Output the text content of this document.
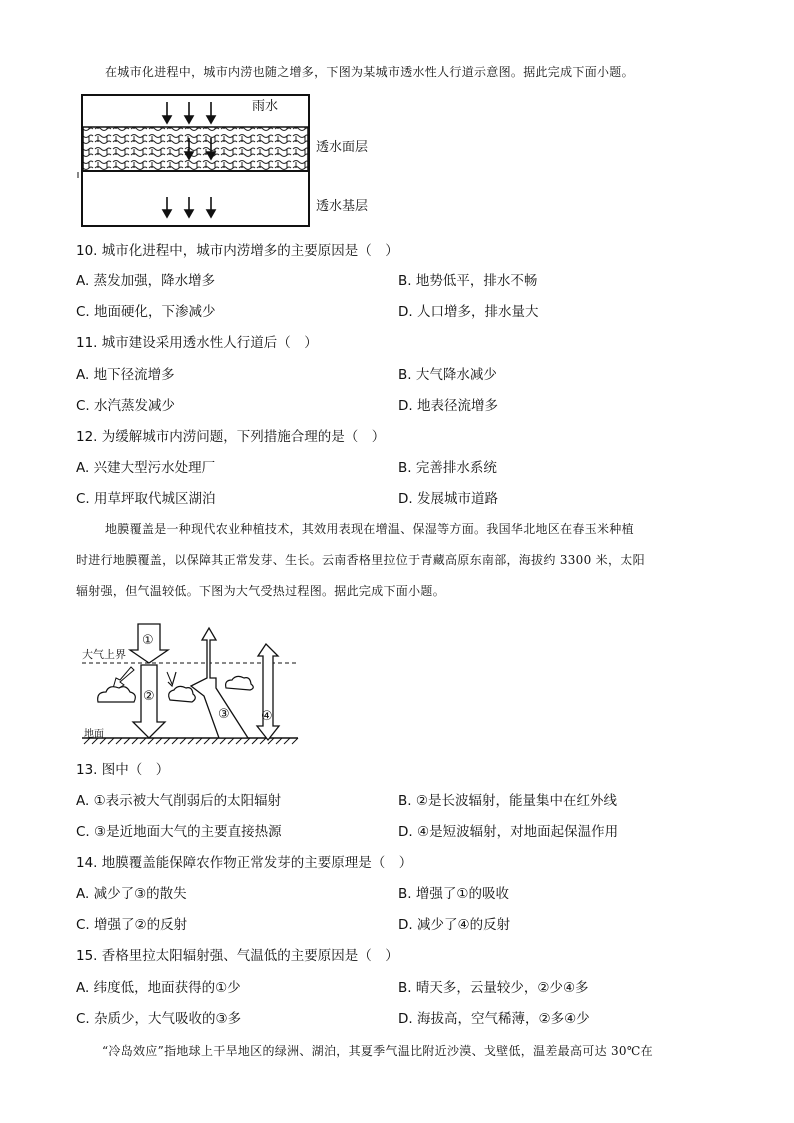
在城市化进程中，城市内涝也随之增多，下图为某城市透水性人行道示意图。据此完成下面小题。
雨水
透水面层
透水基层
10. 城市化进程中，城市内涝增多的主要原因是（　）
A. 蒸发加强，降水增多	B. 地势低平，排水不畅
C. 地面硬化，下渗减少	D. 人口增多，排水量大
11. 城市建设采用透水性人行道后（　）
A. 地下径流增多	B. 大气降水减少
C. 水汽蒸发减少	D. 地表径流增多
12. 为缓解城市内涝问题，下列措施合理的是（　）
A. 兴建大型污水处理厂	B. 完善排水系统
C. 用草坪取代城区湖泊	D. 发展城市道路
地膜覆盖是一种现代农业种植技术，其效用表现在增温、保湿等方面。我国华北地区在春玉米种植
时进行地膜覆盖，以保障其正常发芽、生长。云南香格里拉位于青藏高原东南部，海拔约 3300 米，太阳
辐射强，但气温较低。下图为大气受热过程图。据此完成下面小题。
大气上界
地面
①
②
③ ④
13. 图中（　）
A. ①表示被大气削弱后的太阳辐射	B. ②是长波辐射，能量集中在红外线
C. ③是近地面大气的主要直接热源	D. ④是短波辐射，对地面起保温作用
14. 地膜覆盖能保障农作物正常发芽的主要原理是（　）
A. 减少了③的散失	B. 增强了①的吸收
C. 增强了②的反射	D. 减少了④的反射
15. 香格里拉太阳辐射强、气温低的主要原因是（　）
A. 纬度低，地面获得的①少	B. 晴天多，云量较少，②少④多
C. 杂质少，大气吸收的③多	D. 海拔高，空气稀薄，②多④少
“冷岛效应”指地球上干旱地区的绿洲、湖泊，其夏季气温比附近沙漠、戈壁低，温差最高可达 30℃在
